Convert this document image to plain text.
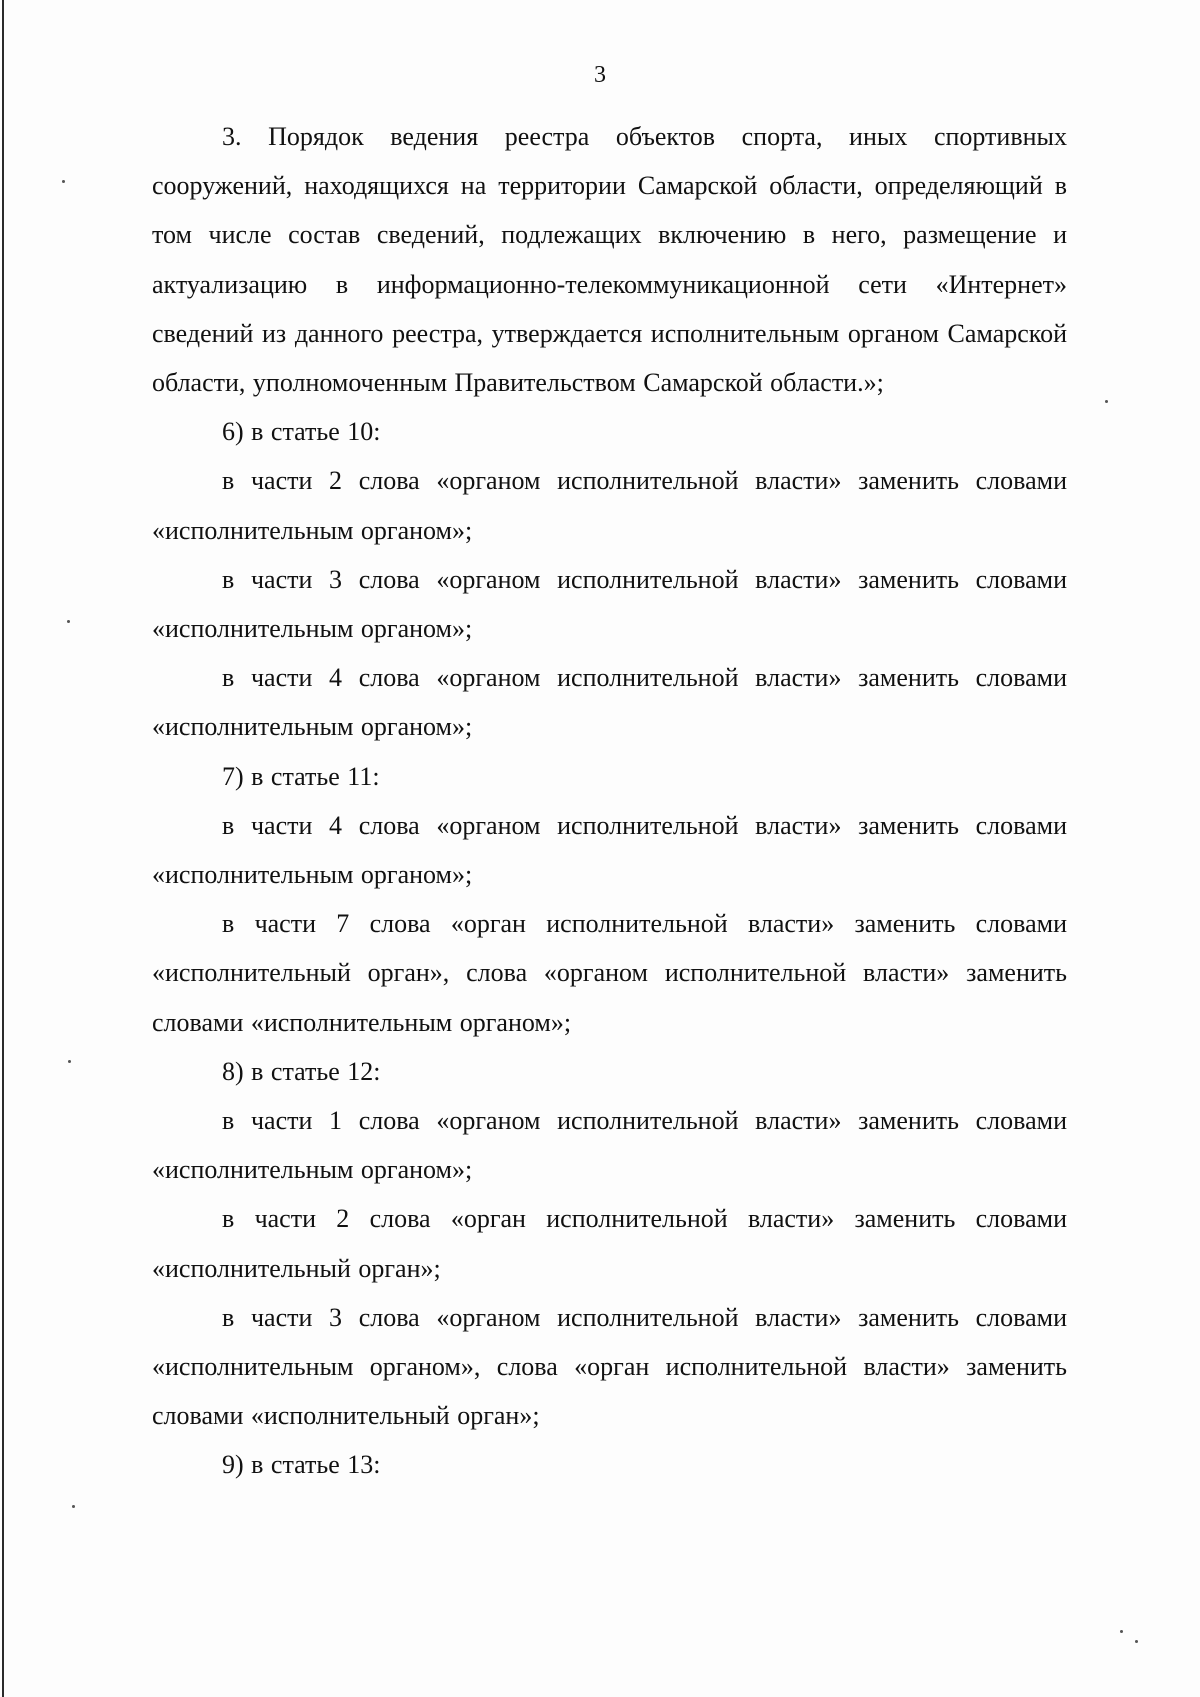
3

3. Порядок ведения реестра объектов спорта, иных спортивных сооружений, находящихся на территории Самарской области, определяющий в том числе состав сведений, подлежащих включению в него, размещение и актуализацию в информационно-телекоммуникационной сети «Интернет» сведений из данного реестра, утверждается исполнительным органом Самарской области, уполномоченным Правительством Самарской области.»;

6) в статье 10:

в части 2 слова «органом исполнительной власти» заменить словами «исполнительным органом»;

в части 3 слова «органом исполнительной власти» заменить словами «исполнительным органом»;

в части 4 слова «органом исполнительной власти» заменить словами «исполнительным органом»;

7) в статье 11:

в части 4 слова «органом исполнительной власти» заменить словами «исполнительным органом»;

в части 7 слова «орган исполнительной власти» заменить словами «исполнительный орган», слова «органом исполнительной власти» заменить словами «исполнительным органом»;

8) в статье 12:

в части 1 слова «органом исполнительной власти» заменить словами «исполнительным органом»;

в части 2 слова «орган исполнительной власти» заменить словами «исполнительный орган»;

в части 3 слова «органом исполнительной власти» заменить словами «исполнительным органом», слова «орган исполнительной власти» заменить словами «исполнительный орган»;

9) в статье 13:
